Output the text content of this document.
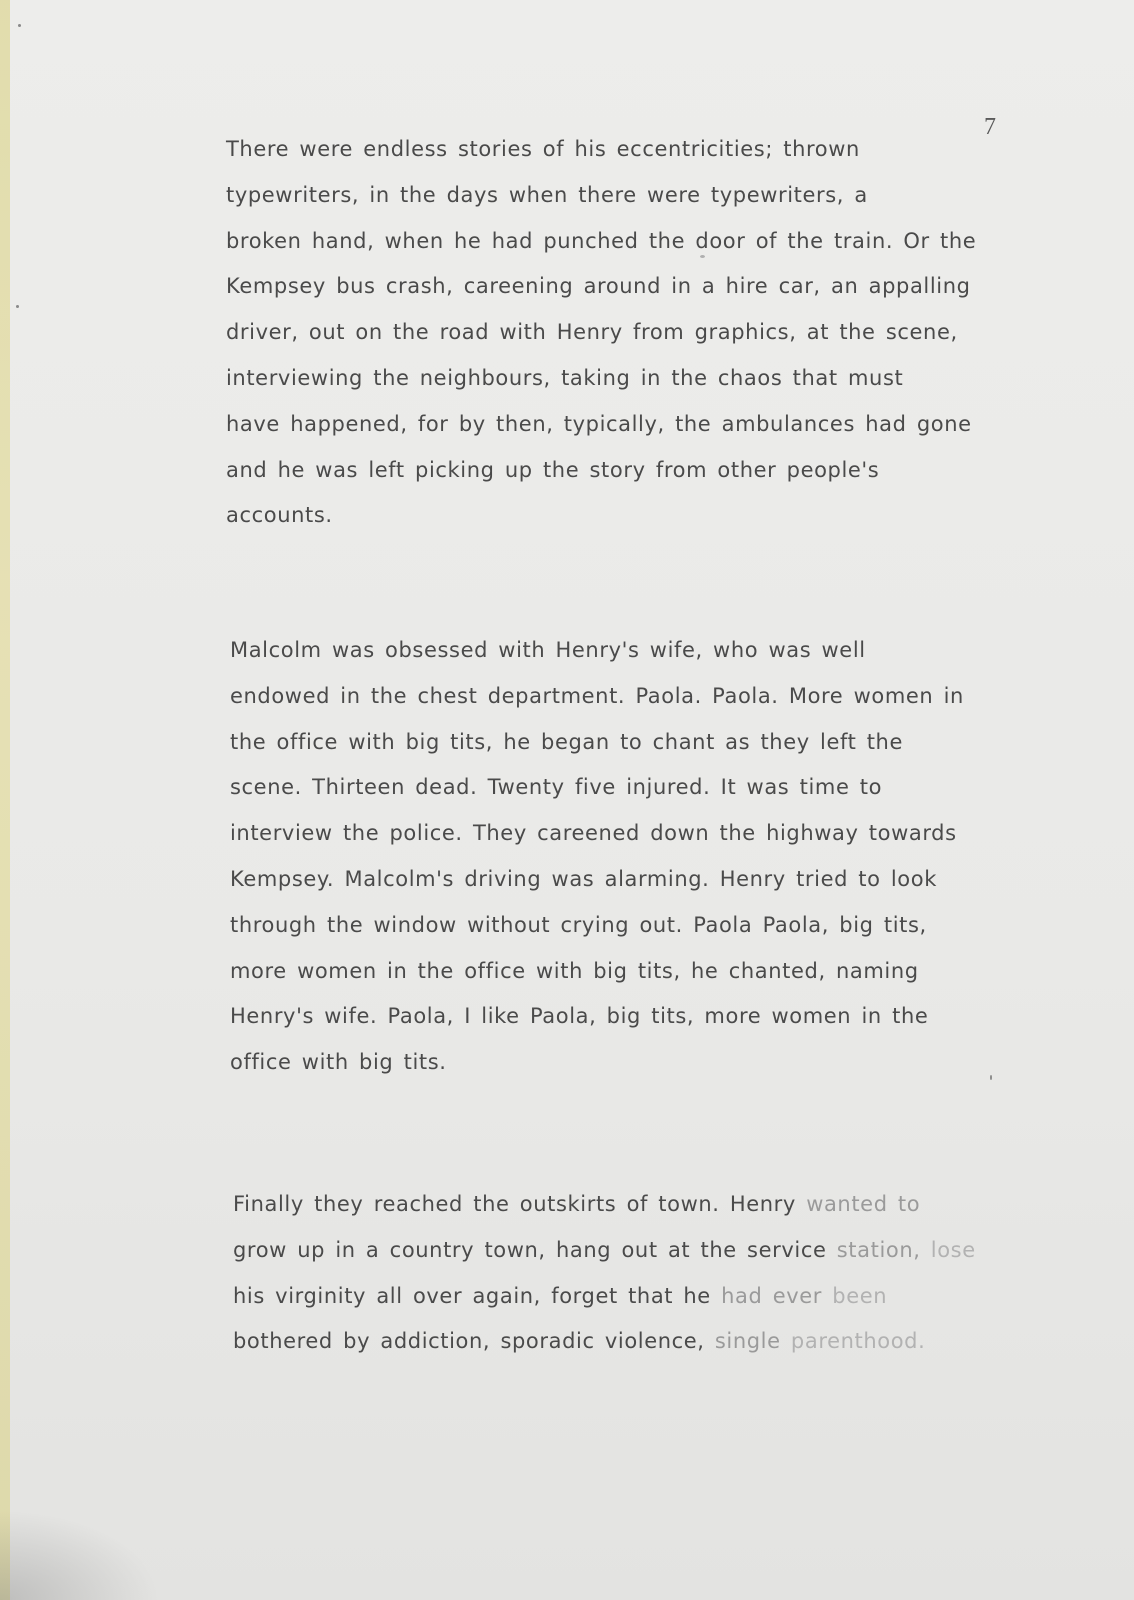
7

There were endless stories of his eccentricities; thrown
typewriters, in the days when there were typewriters, a
broken hand, when he had punched the door of the train. Or the
Kempsey bus crash, careening around in a hire car, an appalling
driver, out on the road with Henry from graphics, at the scene,
interviewing the neighbours, taking in the chaos that must
have happened, for by then, typically, the ambulances had gone
and he was left picking up the story from other people's
accounts.

Malcolm was obsessed with Henry's wife, who was well
endowed in the chest department. Paola. Paola. More women in
the office with big tits, he began to chant as they left the
scene. Thirteen dead. Twenty five injured. It was time to
interview the police. They careened down the highway towards
Kempsey. Malcolm's driving was alarming. Henry tried to look
through the window without crying out. Paola Paola, big tits,
more women in the office with big tits, he chanted, naming
Henry's wife. Paola, I like Paola, big tits, more women in the
office with big tits.

Finally they reached the outskirts of town. Henry wanted to
grow up in a country town, hang out at the service station, lose
his virginity all over again, forget that he had ever been
bothered by addiction, sporadic violence, single parenthood.
